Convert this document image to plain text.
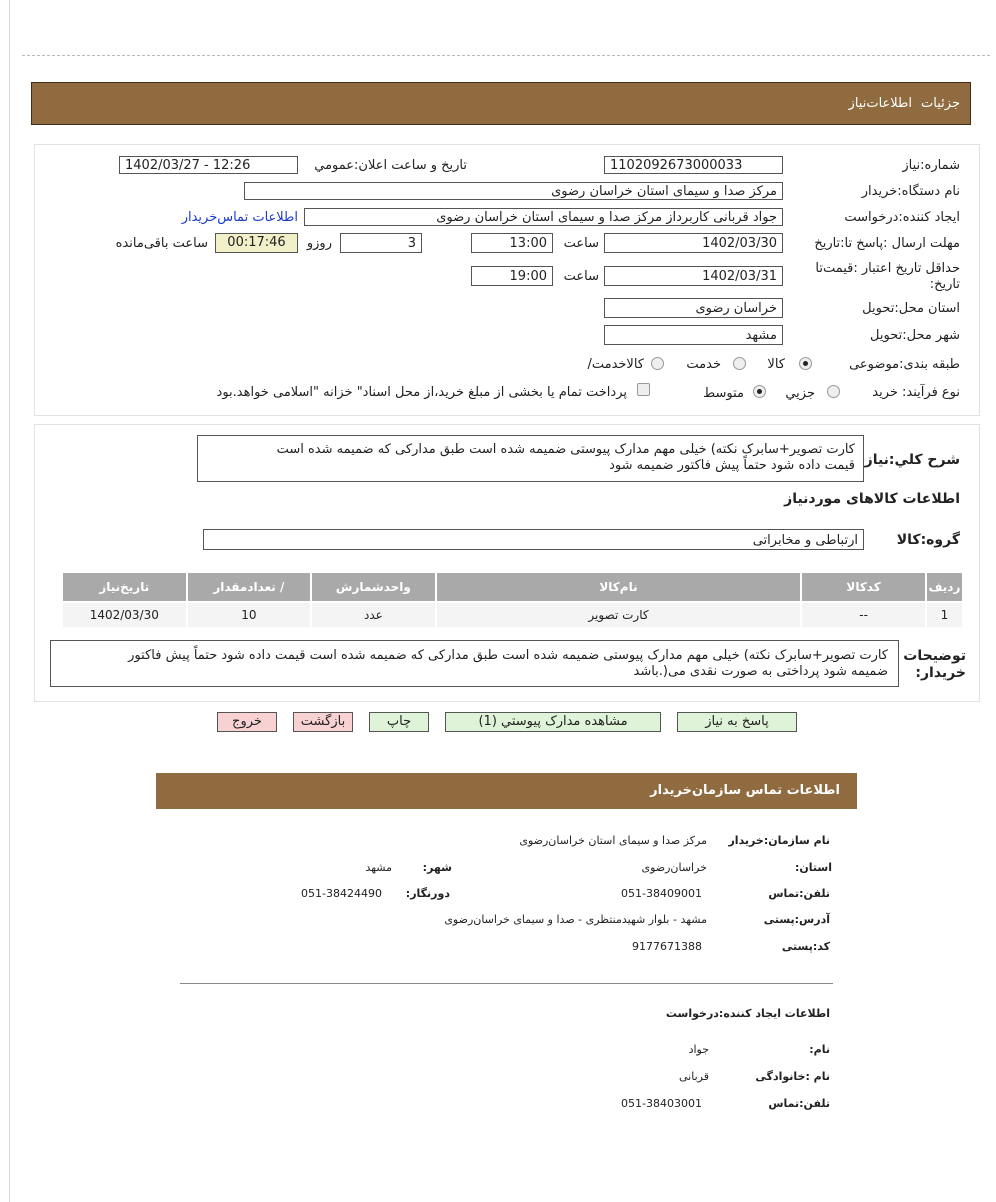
جزئیات
اطلاعات‌نیاز
شماره:نیاز
1102092673000033
تاریخ و ساعت اعلان:عمومي
1402/03/27 - 12:26
نام دستگاه:خریدار
مرکز صدا و سیمای استان خراسان رضوی
ایجاد کننده:درخواست
جواد قربانی کاربرداز مرکز صدا و سیمای استان خراسان رضوی
اطلاعات تماس‌خریدار
مهلت ارسال :پاسخ تا:تاریخ
1402/03/30
ساعت
13:00
3
روزو
00:17:46
ساعت باقی‌مانده
حداقل تاریخ اعتبار :قیمت‌تا
:تاریخ
1402/03/31
ساعت
19:00
استان محل:تحویل
خراسان رضوی
شهر محل:تحویل
مشهد
طبقه بندی:موضوعی
کالا
خدمت
/کالاخدمت
نوع فرآیند: خرید
جزیي
متوسط
پرداخت تمام یا بخشی از مبلغ خرید،از محل اسناد" خزانه "اسلامی خواهد.بود
شرح کلي:نیاز
کارت تصویر+سابرک نکته) خیلی مهم مدارک پیوستی ضمیمه شده است طبق مدارکی که ضمیمه شده است
قیمت داده شود حتماً پیش فاکتور ضمیمه شود
اطلاعات کالاهای موردنیاز
گروه:کالا
ارتباطی و مخابراتی
ردیف	کدکالا	نام‌کالا	واحدشمارش	/ تعدادمقدار	تاریخ‌نیاز
1	--	کارت تصویر	عدد	10	1402/03/30
توضیحات
:خریدار
کارت تصویر+سابرک نکته) خیلی مهم مدارک پیوستی ضمیمه شده است طبق مدارکی که ضمیمه شده است قیمت داده شود حتماً پیش فاکتور
ضمیمه شود پرداختی به صورت نقدی می(.باشد
پاسخ به نیاز
مشاهده مدارک پیوستي (1)
چاپ
بازگشت
خروج
اطلاعات تماس سازمان‌خریدار
نام سازمان:خریدار
مرکز صدا و سیمای استان خراسان‌رضوی
:استان
خراسان‌رضوی
:شهر
مشهد
تلفن:تماس
051-38409001
:دورنگار
051-38424490
آدرس:پستی
مشهد - بلوار شهیدمنتظری - صدا و سیمای خراسان‌رضوی
کد:پستی
9177671388
اطلاعات ایجاد کننده:درخواست
:نام
جواد
نام :خانوادگی
قربانی
تلفن:تماس
051-38403001
